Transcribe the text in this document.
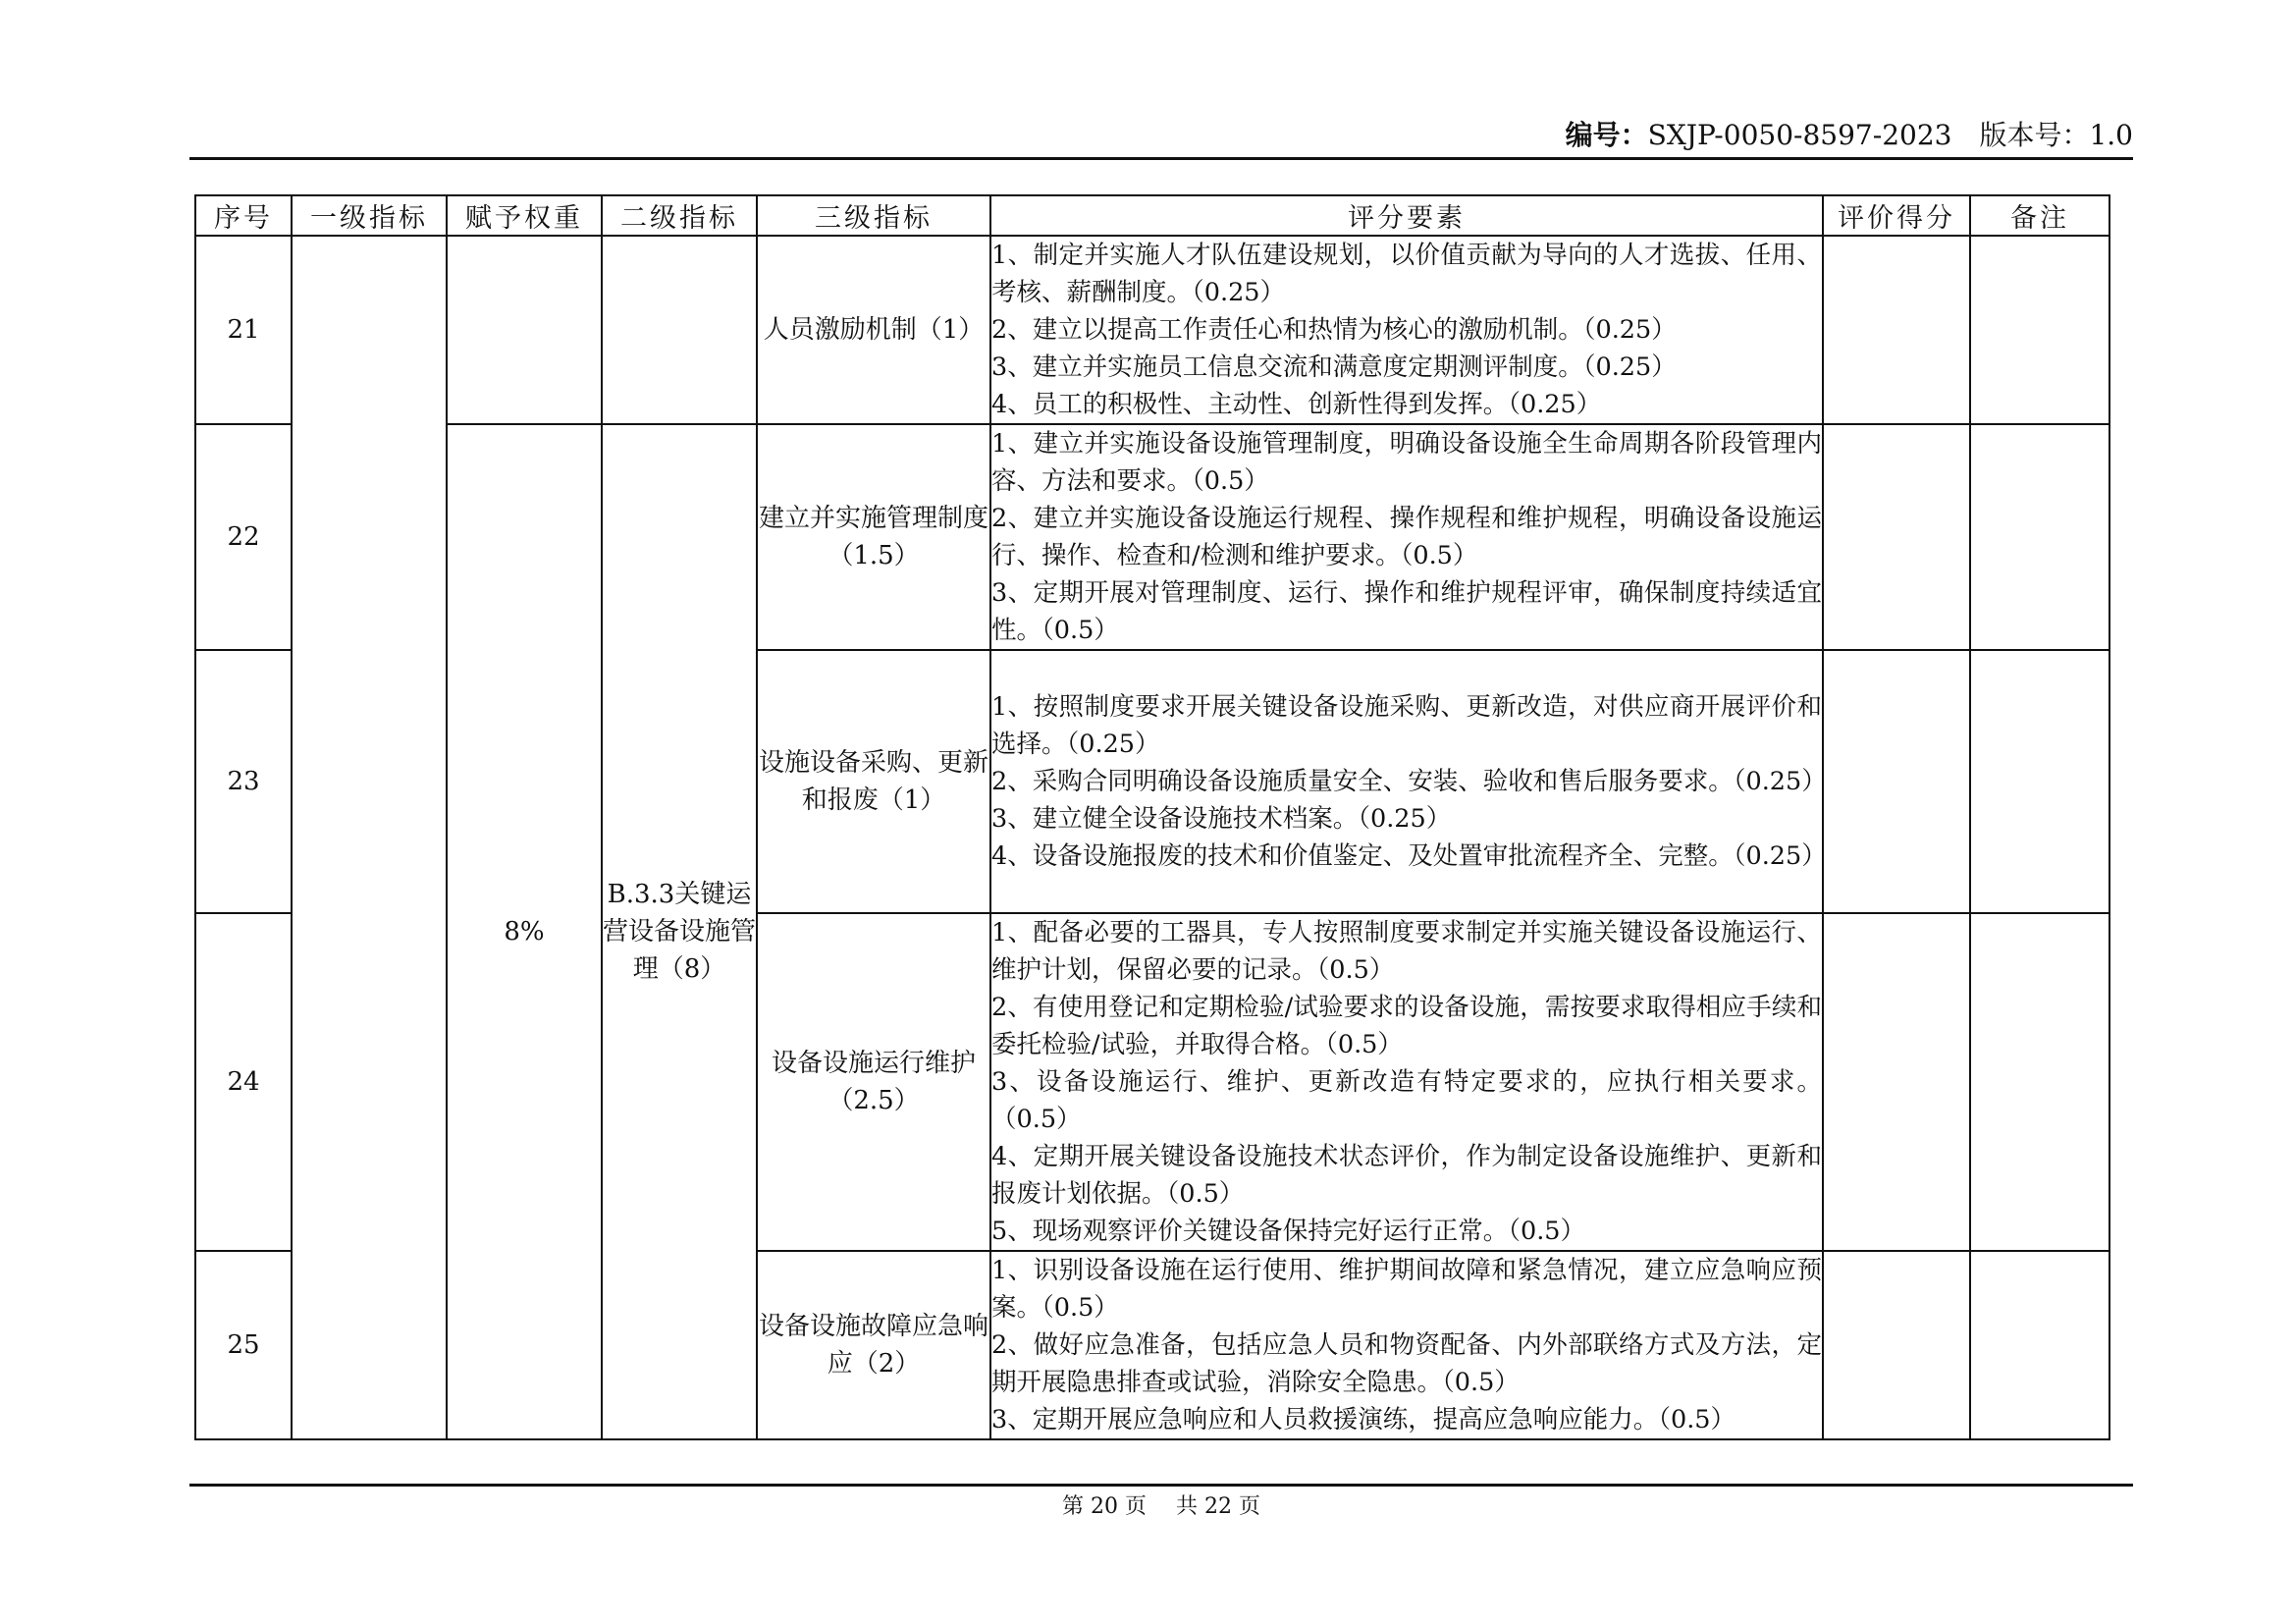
编号：SXJP-0050-8597-2023 版本号：1.0
序号	一级指标	赋予权重	二级指标	三级指标	评分要素	评价得分	备注
21				人员激励机制（1）	1、制定并实施人才队伍建设规划，以价值贡献为导向的人才选拔、任用、考核、薪酬制度。（0.25）
2、建立以提高工作责任心和热情为核心的激励机制。（0.25）
3、建立并实施员工信息交流和满意度定期测评制度。（0.25）
4、员工的积极性、主动性、创新性得到发挥。（0.25）		

22		8%	B.3.3关键运营设备设施管理（8）	建立并实施管理制度（1.5）	1、建立并实施设备设施管理制度，明确设备设施全生命周期各阶段管理内容、方法和要求。（0.5）
2、建立并实施设备设施运行规程、操作规程和维护规程，明确设备设施运行、操作、检查和/检测和维护要求。（0.5）
3、定期开展对管理制度、运行、操作和维护规程评审，确保制度持续适宜性。（0.5）		

23				设施设备采购、更新和报废（1）	1、按照制度要求开展关键设备设施采购、更新改造，对供应商开展评价和选择。（0.25）
2、采购合同明确设备设施质量安全、安装、验收和售后服务要求。（0.25）
3、建立健全设备设施技术档案。（0.25）
4、设备设施报废的技术和价值鉴定、及处置审批流程齐全、完整。（0.25）		

24				设备设施运行维护（2.5）	1、配备必要的工器具，专人按照制度要求制定并实施关键设备设施运行、维护计划，保留必要的记录。（0.5）
2、有使用登记和定期检验/试验要求的设备设施，需按要求取得相应手续和委托检验/试验，并取得合格。（0.5）
3、设备设施运行、维护、更新改造有特定要求的，应执行相关要求。（0.5）
4、定期开展关键设备设施技术状态评价，作为制定设备设施维护、更新和报废计划依据。（0.5）
5、现场观察评价关键设备保持完好运行正常。（0.5）		

25				设备设施故障应急响应（2）	1、识别设备设施在运行使用、维护期间故障和紧急情况，建立应急响应预案。（0.5）
2、做好应急准备，包括应急人员和物资配备、内外部联络方式及方法，定期开展隐患排查或试验，消除安全隐患。（0.5）
3、定期开展应急响应和人员救援演练，提高应急响应能力。（0.5）		

第 20 页 共 22 页
